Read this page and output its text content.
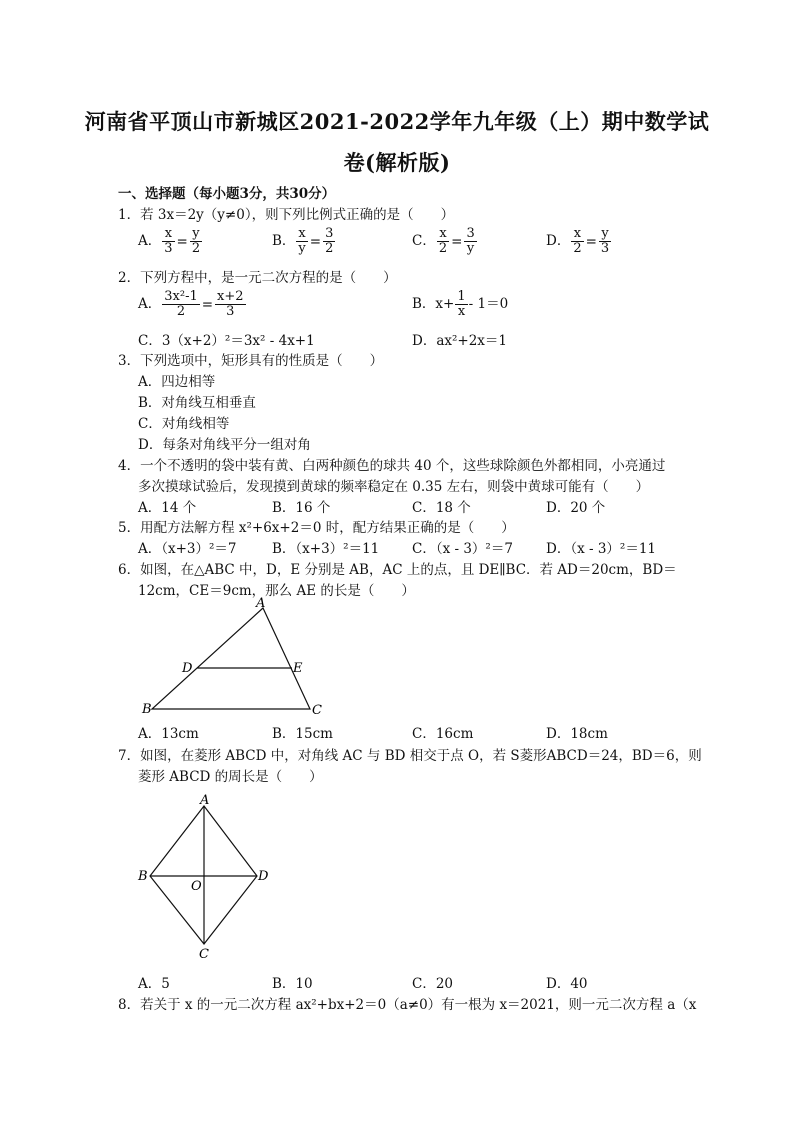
河南省平顶山市新城区2021-2022学年九年级（上）期中数学试
卷(解析版)
一、选择题（每小题3分，共30分）
1．若 3x＝2y（y≠0），则下列比例式正确的是（　　）
A． $\frac{x}{3} = \frac{y}{2}$	B． $\frac{x}{y} = \frac{3}{2}$	C． $\frac{x}{2} = \frac{3}{y}$	D． $\frac{x}{2} = \frac{y}{3}$
2．下列方程中，是一元二次方程的是（　　）
A． $\frac{\text{3x²-1}}{2} = \frac{x+2}{3}$	B．$x+ \frac{1}{x} - 1=0$
C．3（x+2）²＝3x² - 4x+1	D．ax²+2x＝1
3．下列选项中，矩形具有的性质是（　　）
A．四边相等
B．对角线互相垂直
C．对角线相等
D．每条对角线平分一组对角
4．一个不透明的袋中装有黄、白两种颜色的球共 40 个，这些球除颜色外都相同，小亮通过
多次摸球试验后，发现摸到黄球的频率稳定在 0.35 左右，则袋中黄球可能有（　　）
A．14 个	B．16 个	C．18 个	D．20 个
5．用配方法解方程 x²+6x+2＝0 时，配方结果正确的是（　　）
A．（x+3）²＝7	B．（x+3）²＝11 C．（x - 3）²＝7 D．（x - 3）²＝11
6．如图，在△ABC 中，D，E 分别是 AB，AC 上的点，且 DE∥BC．若 AD＝20cm，BD＝
12cm，CE＝9cm，那么 AE 的长是（　　）
A
B	C
D	E
A．13cm	B．15cm	C．16cm	D．18cm
7．如图，在菱形 ABCD 中，对角线 AC 与 BD 相交于点 O，若 S菱形ABCD＝24，BD＝6，则
菱形 ABCD 的周长是（　　）
A
B
C
D
O
A．5	B．10	C．20	D．40
8．若关于 x 的一元二次方程 ax²+bx+2＝0（a≠0）有一根为 x＝2021，则一元二次方程 a（x
